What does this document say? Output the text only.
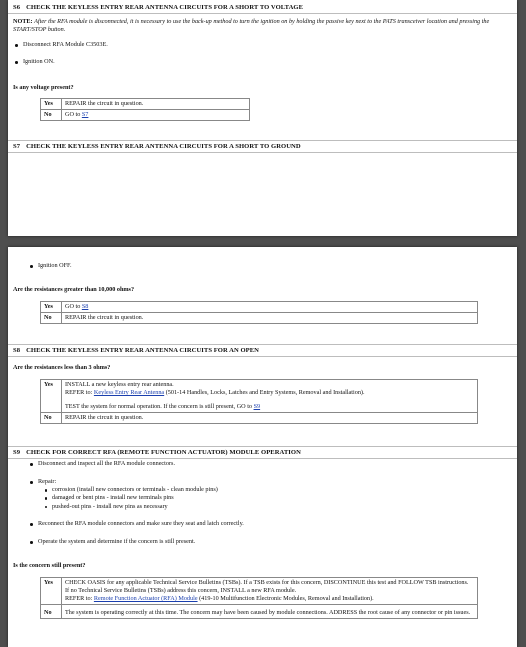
S6 CHECK THE KEYLESS ENTRY REAR ANTENNA CIRCUITS FOR A SHORT TO VOLTAGE
NOTE: After the RFA module is disconnected, it is necessary to use the back-up method to turn the ignition on by holding the passive key next to the PATS transceiver location and pressing the START/STOP button.
Disconnect RFA Module C3503E.
Ignition ON.
Is any voltage present?
Yes	REPAIR the circuit in question.
No	GO to S7
S7 CHECK THE KEYLESS ENTRY REAR ANTENNA CIRCUITS FOR A SHORT TO GROUND
Ignition OFF.
Are the resistances greater than 10,000 ohms?
Yes	GO to S8
No	REPAIR the circuit in question.
S8 CHECK THE KEYLESS ENTRY REAR ANTENNA CIRCUITS FOR AN OPEN
Are the resistances less than 3 ohms?
Yes	INSTALL a new keyless entry rear antenna.
REFER to: Keyless Entry Rear Antenna (501-14 Handles, Locks, Latches and Entry Systems, Removal and Installation).
TEST the system for normal operation. If the concern is still present, GO to S9

No	REPAIR the circuit in question.
S9 CHECK FOR CORRECT RFA (REMOTE FUNCTION ACTUATOR) MODULE OPERATION
Disconnect and inspect all the RFA module connectors.
Repair:
corrosion (install new connectors or terminals - clean module pins)
damaged or bent pins - install new terminals pins
pushed-out pins - install new pins as necessary
Reconnect the RFA module connectors and make sure they seat and latch correctly.
Operate the system and determine if the concern is still present.
Is the concern still present?
Yes	CHECK OASIS for any applicable Technical Service Bulletins (TSBs). If a TSB exists for this concern, DISCONTINUE this test and FOLLOW TSB instructions. If no Technical Service Bulletins (TSBs) address this concern, INSTALL a new RFA module.
REFER to: Remote Function Actuator (RFA) Module (419-10 Multifunction Electronic Modules, Removal and Installation).

No	The system is operating correctly at this time. The concern may have been caused by module connections. ADDRESS the root cause of any connector or pin issues.
